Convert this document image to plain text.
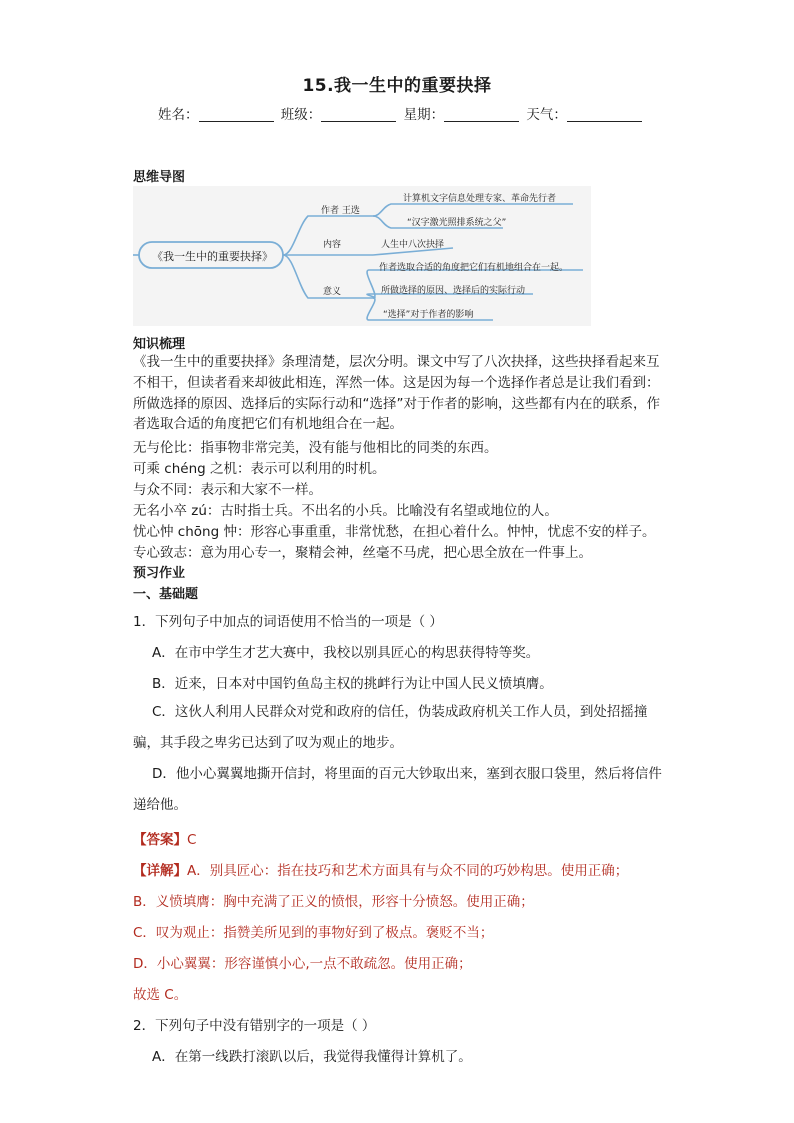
15.我一生中的重要抉择
姓名：	班级：	星期：	天气：
思维导图
《我一生中的重要抉择》
作者 王选
计算机文字信息处理专家、革命先行者
“汉字激光照排系统之父”
内容	人生中八次抉择
意义
作者选取合适的角度把它们有机地组合在一起。
所做选择的原因、选择后的实际行动
“选择”对于作者的影响
知识梳理
《我一生中的重要抉择》条理清楚，层次分明。课文中写了八次抉择，这些抉择看起来互不相干，但读者看来却彼此相连，浑然一体。这是因为每一个选择作者总是让我们看到：所做选择的原因、选择后的实际行动和“选择”对于作者的影响，这些都有内在的联系，作者选取合适的角度把它们有机地组合在一起。
无与伦比：指事物非常完美，没有能与他相比的同类的东西。
可乘 chéng 之机：表示可以利用的时机。
与众不同：表示和大家不一样。
无名小卒 zú：古时指士兵。不出名的小兵。比喻没有名望或地位的人。
忧心忡 chōng 忡：形容心事重重，非常忧愁，在担心着什么。忡忡，忧虑不安的样子。
专心致志：意为用心专一，聚精会神，丝毫不马虎，把心思全放在一件事上。
预习作业
一、基础题
1．下列句子中加点的词语使用不恰当的一项是（ ）
A．在市中学生才艺大赛中，我校以别具匠心的构思获得特等奖。
B．近来，日本对中国钓鱼岛主权的挑衅行为让中国人民义愤填膺。
C．这伙人利用人民群众对党和政府的信任，伪装成政府机关工作人员，到处招摇撞骗，其手段之卑劣已达到了叹为观止的地步。
D．他小心翼翼地撕开信封，将里面的百元大钞取出来，塞到衣服口袋里，然后将信件递给他。
【答案】C
【详解】A．别具匠心：指在技巧和艺术方面具有与众不同的巧妙构思。使用正确；
B．义愤填膺：胸中充满了正义的愤恨，形容十分愤怒。使用正确；
C．叹为观止：指赞美所见到的事物好到了极点。褒贬不当；
D．小心翼翼：形容谨慎小心,一点不敢疏忽。使用正确；
故选 C。
2．下列句子中没有错别字的一项是（ ）
A．在第一线跌打滚趴以后，我觉得我懂得计算机了。
